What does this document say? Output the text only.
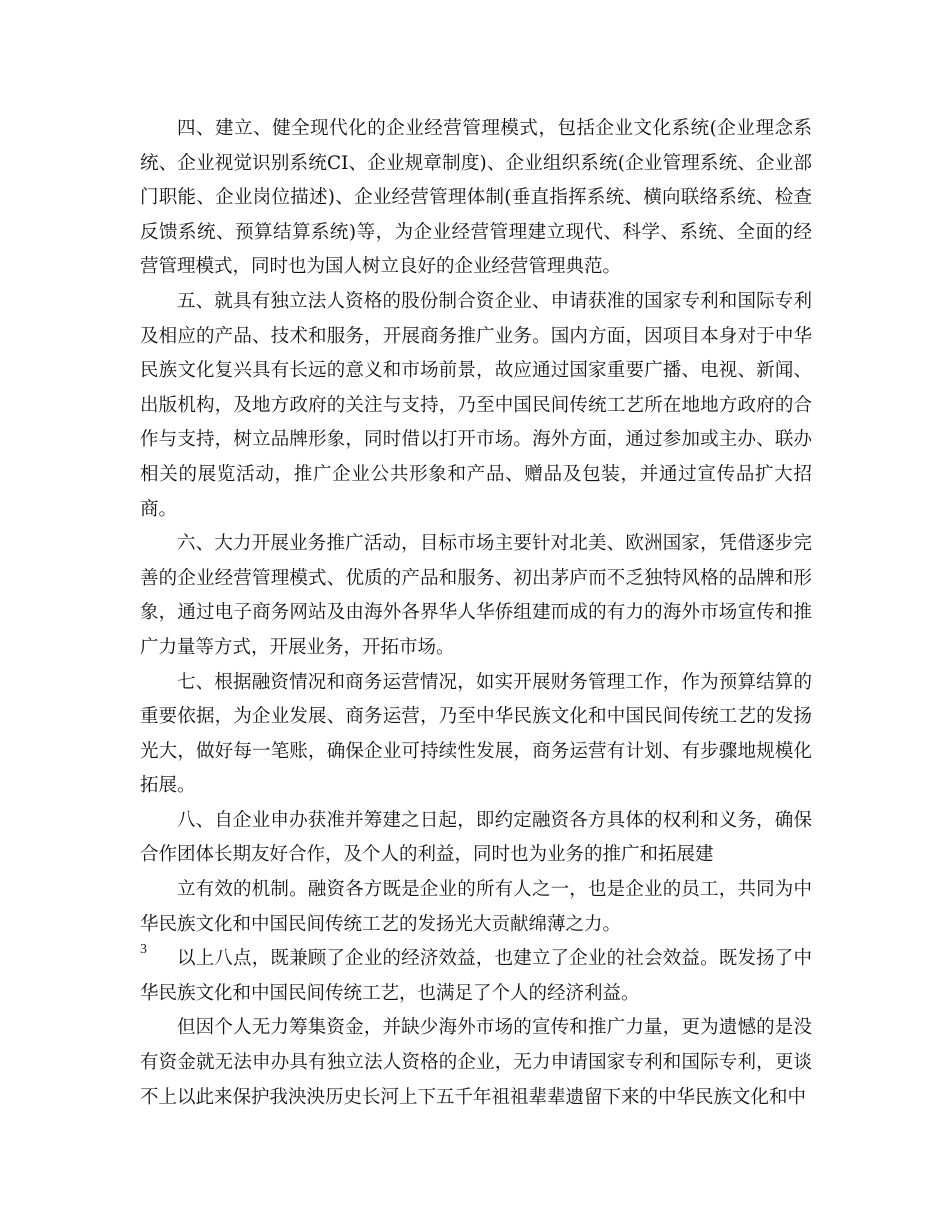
四、建立、健全现代化的企业经营管理模式，包括企业文化系统(企业理念系统、企业视觉识别系统CI、企业规章制度)、企业组织系统(企业管理系统、企业部门职能、企业岗位描述)、企业经营管理体制(垂直指挥系统、横向联络系统、检查反馈系统、预算结算系统)等，为企业经营管理建立现代、科学、系统、全面的经营管理模式，同时也为国人树立良好的企业经营管理典范。

五、就具有独立法人资格的股份制合资企业、申请获准的国家专利和国际专利及相应的产品、技术和服务，开展商务推广业务。国内方面，因项目本身对于中华民族文化复兴具有长远的意义和市场前景，故应通过国家重要广播、电视、新闻、出版机构，及地方政府的关注与支持，乃至中国民间传统工艺所在地地方政府的合作与支持，树立品牌形象，同时借以打开市场。海外方面，通过参加或主办、联办相关的展览活动，推广企业公共形象和产品、赠品及包装，并通过宣传品扩大招商。

六、大力开展业务推广活动，目标市场主要针对北美、欧洲国家，凭借逐步完善的企业经营管理模式、优质的产品和服务、初出茅庐而不乏独特风格的品牌和形象，通过电子商务网站及由海外各界华人华侨组建而成的有力的海外市场宣传和推广力量等方式，开展业务，开拓市场。

七、根据融资情况和商务运营情况，如实开展财务管理工作，作为预算结算的重要依据，为企业发展、商务运营，乃至中华民族文化和中国民间传统工艺的发扬光大，做好每一笔账，确保企业可持续性发展，商务运营有计划、有步骤地规模化拓展。

八、自企业申办获准并筹建之日起，即约定融资各方具体的权利和义务，确保合作团体长期友好合作，及个人的利益，同时也为业务的推广和拓展建

立有效的机制。融资各方既是企业的所有人之一，也是企业的员工，共同为中华民族文化和中国民间传统工艺的发扬光大贡献绵薄之力。

以上八点，既兼顾了企业的经济效益，也建立了企业的社会效益。既发扬了中华民族文化和中国民间传统工艺，也满足了个人的经济利益。

但因个人无力筹集资金，并缺少海外市场的宣传和推广力量，更为遗憾的是没有资金就无法申办具有独立法人资格的企业，无力申请国家专利和国际专利，更谈不上以此来保护我泱泱历史长河上下五千年祖祖辈辈遗留下来的中华民族文化和中

3
